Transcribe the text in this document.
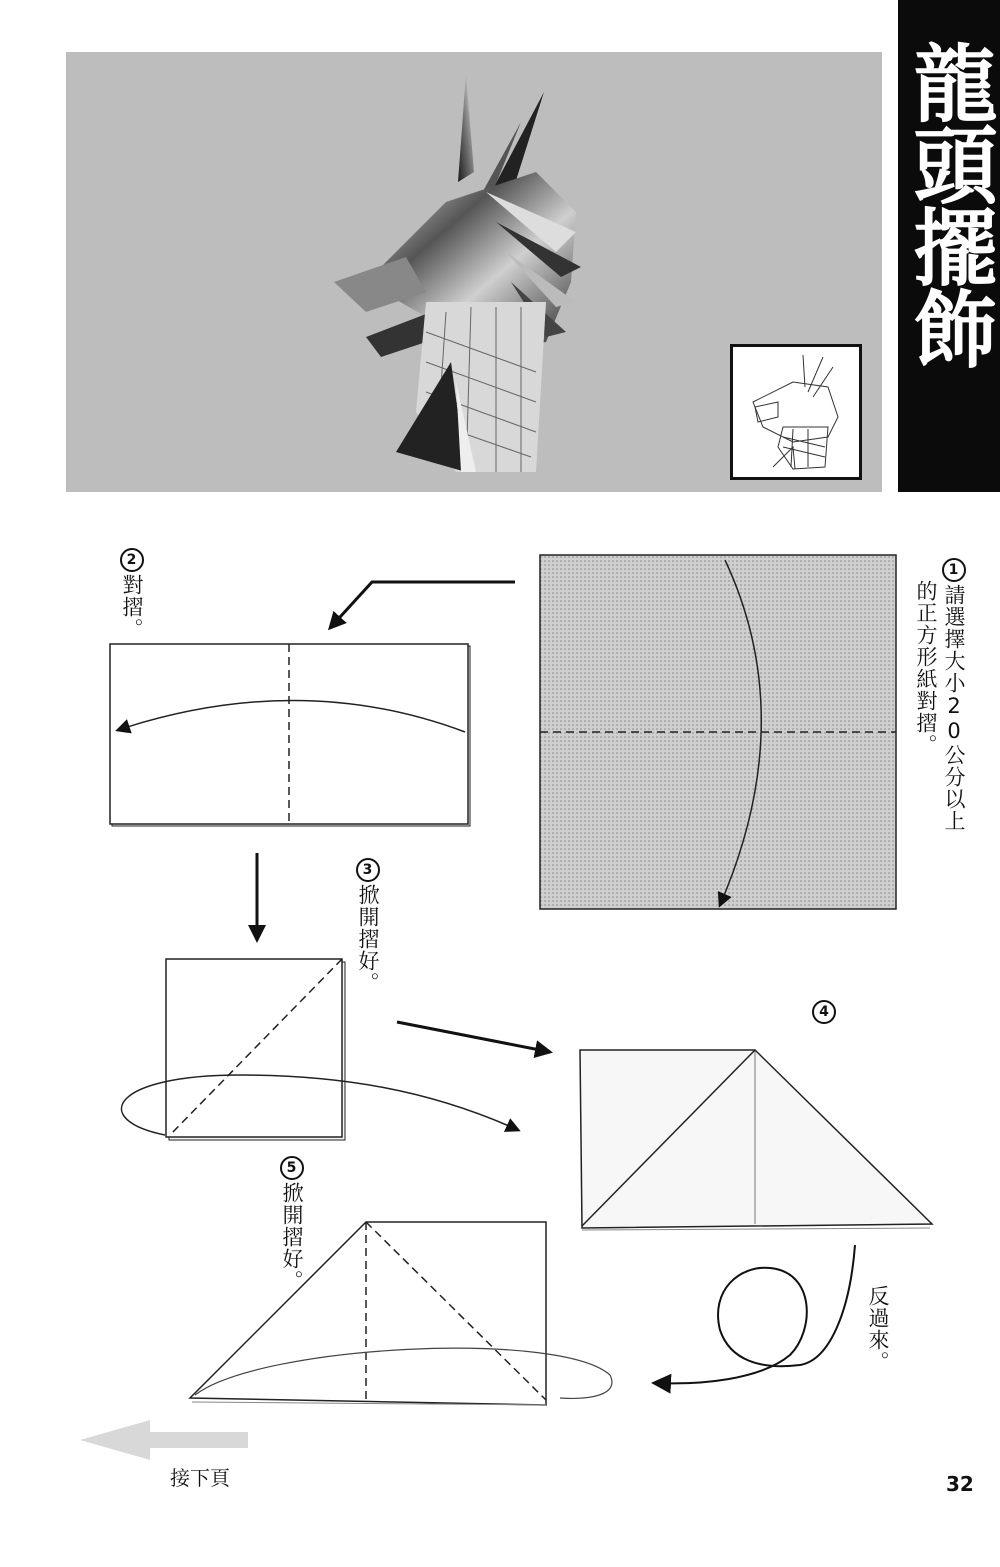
龍頭擺飾
1請選擇大小20公分以上
的正方形紙對摺。
2對摺。
3掀開摺好。
4
5掀開摺好。
反過來。
接下頁	32
